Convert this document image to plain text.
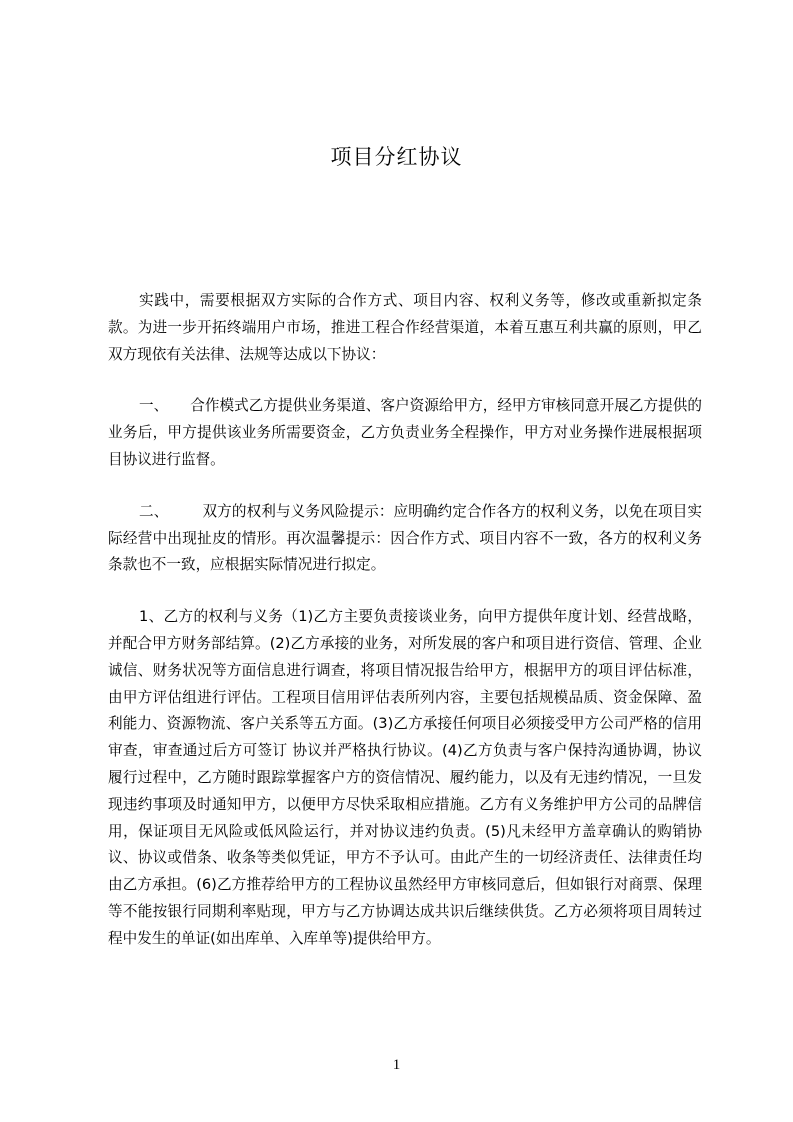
项目分红协议

实践中，需要根据双方实际的合作方式、项目内容、权利义务等，修改或重新拟定条款。为进一步开拓终端用户市场，推进工程合作经营渠道，本着互惠互利共赢的原则，甲乙双方现依有关法律、法规等达成以下协议：

一、 合作模式乙方提供业务渠道、客户资源给甲方，经甲方审核同意开展乙方提供的业务后，甲方提供该业务所需要资金，乙方负责业务全程操作，甲方对业务操作进展根据项目协议进行监督。

二、 双方的权利与义务风险提示：应明确约定合作各方的权利义务，以免在项目实际经营中出现扯皮的情形。再次温馨提示：因合作方式、项目内容不一致，各方的权利义务条款也不一致，应根据实际情况进行拟定。

1、乙方的权利与义务（1)乙方主要负责接谈业务，向甲方提供年度计划、经营战略，并配合甲方财务部结算。(2)乙方承接的业务，对所发展的客户和项目进行资信、管理、企业诚信、财务状况等方面信息进行调查，将项目情况报告给甲方，根据甲方的项目评估标准，由甲方评估组进行评估。工程项目信用评估表所列内容，主要包括规模品质、资金保障、盈利能力、资源物流、客户关系等五方面。(3)乙方承接任何项目必须接受甲方公司严格的信用审查，审查通过后方可签订 协议并严格执行协议。(4)乙方负责与客户保持沟通协调，协议履行过程中，乙方随时跟踪掌握客户方的资信情况、履约能力，以及有无违约情况，一旦发现违约事项及时通知甲方，以便甲方尽快采取相应措施。乙方有义务维护甲方公司的品牌信用，保证项目无风险或低风险运行，并对协议违约负责。(5)凡未经甲方盖章确认的购销协议、协议或借条、收条等类似凭证，甲方不予认可。由此产生的一切经济责任、法律责任均由乙方承担。(6)乙方推荐给甲方的工程协议虽然经甲方审核同意后，但如银行对商票、保理等不能按银行同期利率贴现，甲方与乙方协调达成共识后继续供货。乙方必须将项目周转过程中发生的单证(如出库单、入库单等)提供给甲方。

1
